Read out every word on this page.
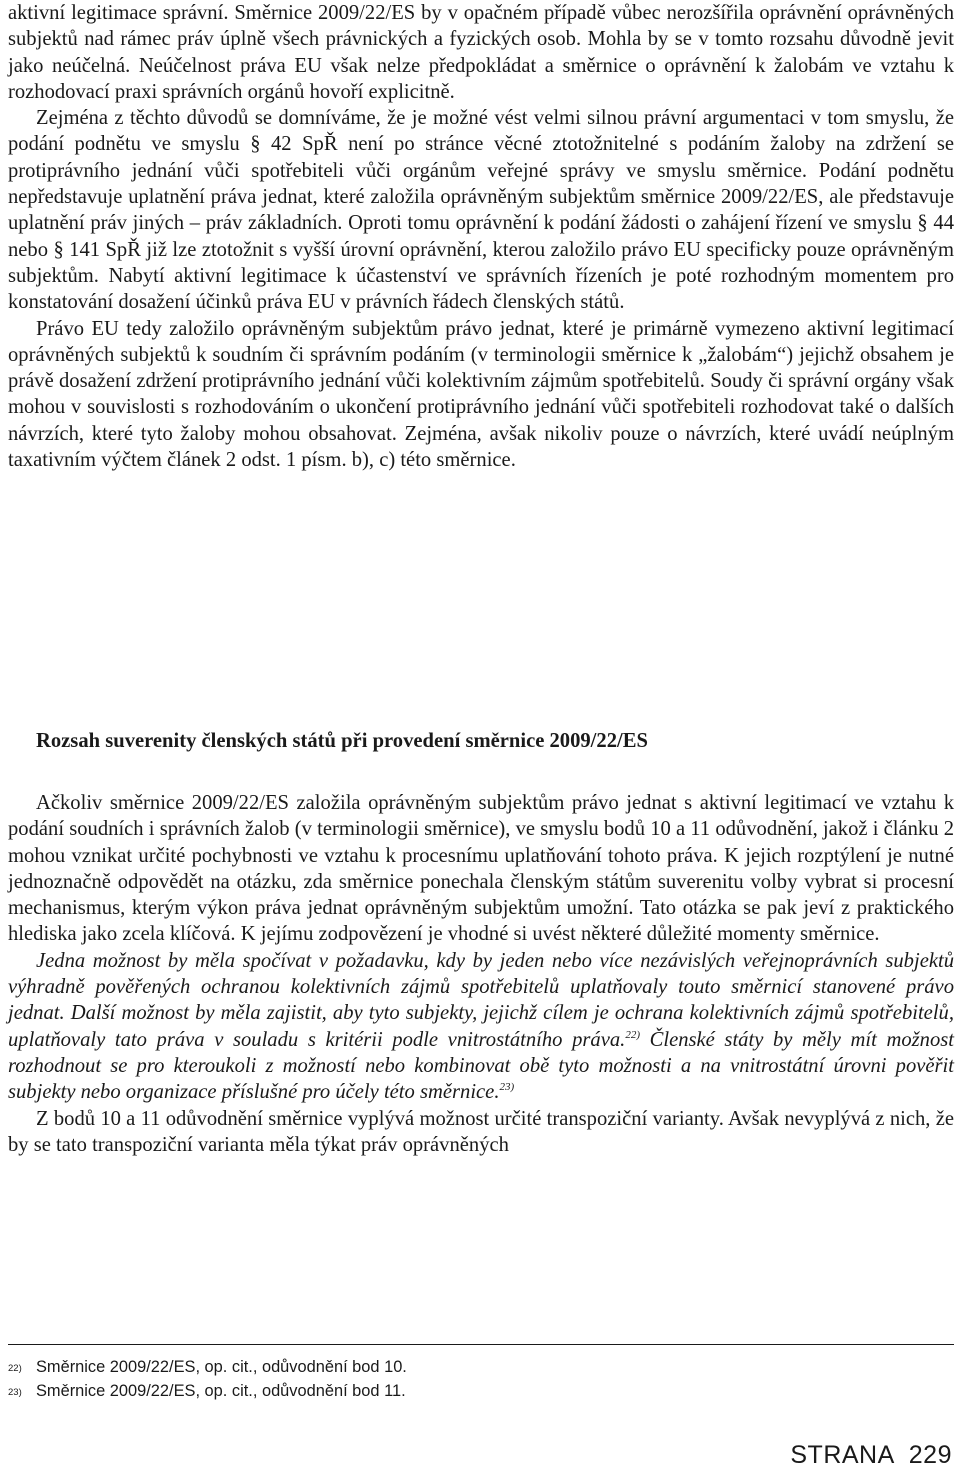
aktivní legitimace správní. Směrnice 2009/22/ES by v opačném případě vůbec nerozšířila oprávnění oprávněných subjektů nad rámec práv úplně všech právnických a fyzických osob. Mohla by se v tomto rozsahu důvodně jevit jako neúčelná. Neúčelnost práva EU však nelze předpokládat a směrnice o oprávnění k žalobám ve vztahu k rozhodovací praxi správních orgánů hovoří explicitně.

Zejména z těchto důvodů se domníváme, že je možné vést velmi silnou právní argumentaci v tom smyslu, že podání podnětu ve smyslu § 42 SpŘ není po stránce věcné ztotožnitelné s podáním žaloby na zdržení se protiprávního jednání vůči spotřebiteli vůči orgánům veřejné správy ve smyslu směrnice. Podání podnětu nepředstavuje uplatnění práva jednat, které založila oprávněným subjektům směrnice 2009/22/ES, ale představuje uplatnění práv jiných – práv základních. Oproti tomu oprávnění k podání žádosti o zahájení řízení ve smyslu § 44 nebo § 141 SpŘ již lze ztotožnit s vyšší úrovní oprávnění, kterou založilo právo EU specificky pouze oprávněným subjektům. Nabytí aktivní legitimace k účastenství ve správních řízeních je poté rozhodným momentem pro konstatování dosažení účinků práva EU v právních řádech členských států.

Právo EU tedy založilo oprávněným subjektům právo jednat, které je primárně vymezeno aktivní legitimací oprávněných subjektů k soudním či správním podáním (v terminologii směrnice k „žalobám“) jejichž obsahem je právě dosažení zdržení protiprávního jednání vůči kolektivním zájmům spotřebitelů. Soudy či správní orgány však mohou v souvislosti s rozhodováním o ukončení protiprávního jednání vůči spotřebiteli rozhodovat také o dalších návrzích, které tyto žaloby mohou obsahovat. Zejména, avšak nikoliv pouze o návrzích, které uvádí neúplným taxativním výčtem článek 2 odst. 1 písm. b), c) této směrnice.

Rozsah suverenity členských států při provedení směrnice 2009/22/ES

Ačkoliv směrnice 2009/22/ES založila oprávněným subjektům právo jednat s aktivní legitimací ve vztahu k podání soudních i správních žalob (v terminologii směrnice), ve smyslu bodů 10 a 11 odůvodnění, jakož i článku 2 mohou vznikat určité pochybnosti ve vztahu k procesnímu uplatňování tohoto práva. K jejich rozptýlení je nutné jednoznačně odpovědět na otázku, zda směrnice ponechala členským státům suverenitu volby vybrat si procesní mechanismus, kterým výkon práva jednat oprávněným subjektům umožní. Tato otázka se pak jeví z praktického hlediska jako zcela klíčová. K jejímu zodpovězení je vhodné si uvést některé důležité momenty směrnice.

Jedna možnost by měla spočívat v požadavku, kdy by jeden nebo více nezávislých veřejnoprávních subjektů výhradně pověřených ochranou kolektivních zájmů spotřebitelů uplatňovaly touto směrnicí stanovené právo jednat. Další možnost by měla zajistit, aby tyto subjekty, jejichž cílem je ochrana kolektivních zájmů spotřebitelů, uplatňovaly tato práva v souladu s kritérii podle vnitrostátního práva.$^{22)}$ Členské státy by měly mít možnost rozhodnout se pro kteroukoli z možností nebo kombinovat obě tyto možnosti a na vnitrostátní úrovni pověřit subjekty nebo organizace příslušné pro účely této směrnice.$^{23)}$

Z bodů 10 a 11 odůvodnění směrnice vyplývá možnost určité transpoziční varianty. Avšak nevyplývá z nich, že by se tato transpoziční varianta měla týkat práv oprávněných

22) Směrnice 2009/22/ES, op. cit., odůvodnění bod 10.
23) Směrnice 2009/22/ES, op. cit., odůvodnění bod 11.
STRANA 229
